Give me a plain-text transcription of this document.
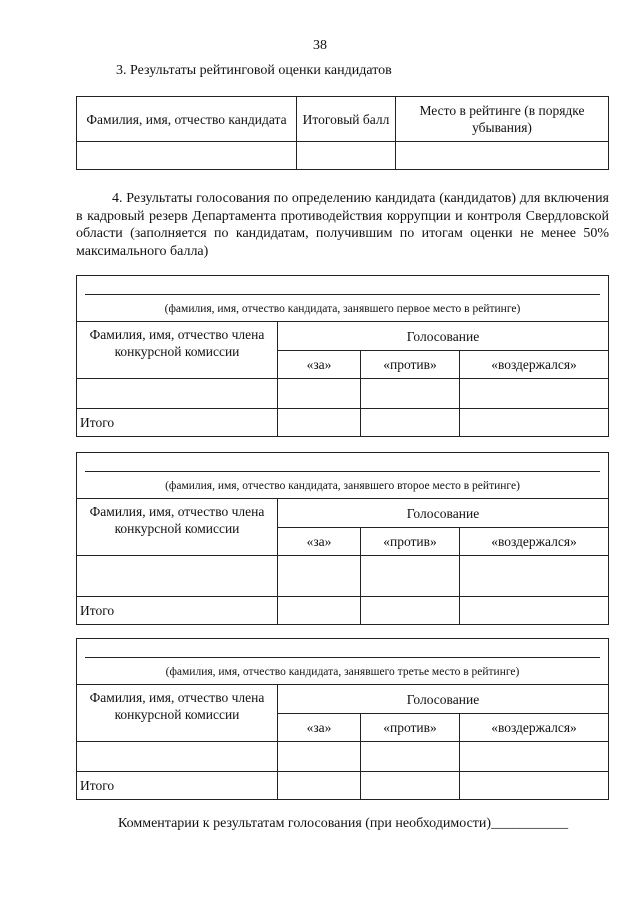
38
3. Результаты рейтинговой оценки кандидатов
Фамилия, имя, отчество кандидата	Итоговый балл	Место в рейтинге (в порядке убывания)

4. Результаты голосования по определению кандидата (кандидатов) для включения в кадровый резерв Департамента противодействия коррупции и контроля Свердловской области (заполняется по кандидатам, получившим по итогам оценки не менее 50% максимального балла)
(фамилия, имя, отчество кандидата, занявшего первое место в рейтинге)			
Фамилия, имя, отчество члена конкурсной комиссии	Голосование		
	«за»	«против»	«воздержался»

Итого			
(фамилия, имя, отчество кандидата, занявшего второе место в рейтинге)			
Фамилия, имя, отчество члена конкурсной комиссии	Голосование		
	«за»	«против»	«воздержался»

Итого			
(фамилия, имя, отчество кандидата, занявшего третье место в рейтинге)			
Фамилия, имя, отчество члена конкурсной комиссии	Голосование		
	«за»	«против»	«воздержался»

Итого			
Комментарии к результатам голосования (при необходимости)___________
